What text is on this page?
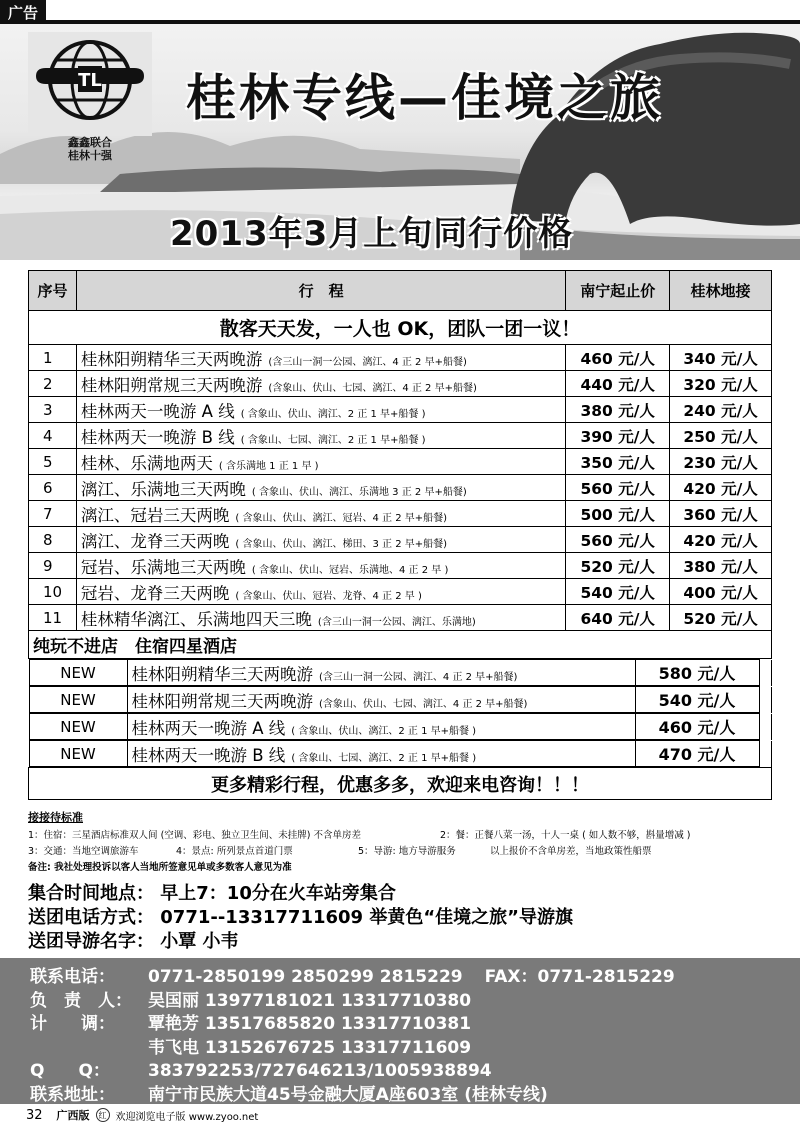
广告
TL
鑫鑫联合
桂林十强
桂林专线—佳境之旅
2013年3月上旬同行价格
序号	行　程	南宁起止价	桂林地接
散客天天发，一人也 OK，团队一团一议！
1	桂林阳朔精华三天两晚游 (含三山一洞一公园、漓江、4 正 2 早+船餐)	460 元/人	340 元/人
2	桂林阳朔常规三天两晚游 (含象山、伏山、七园、漓江、4 正 2 早+船餐)	440 元/人	320 元/人
3	桂林两天一晚游 A 线 ( 含象山、伏山、漓江、2 正 1 早+船餐 )	380 元/人	240 元/人
4	桂林两天一晚游 B 线 ( 含象山、七园、漓江、2 正 1 早+船餐 )	390 元/人	250 元/人
5	桂林、乐满地两天 ( 含乐满地 1 正 1 早 )	350 元/人	230 元/人
6	漓江、乐满地三天两晚 ( 含象山、伏山、漓江、乐满地 3 正 2 早+船餐)	560 元/人	420 元/人
7	漓江、冠岩三天两晚 ( 含象山、伏山、漓江、冠岩、4 正 2 早+船餐)	500 元/人	360 元/人
8	漓江、龙脊三天两晚 ( 含象山、伏山、漓江、梯田、3 正 2 早+船餐)	560 元/人	420 元/人
9	冠岩、乐满地三天两晚 ( 含象山、伏山、冠岩、乐满地、4 正 2 早 )	520 元/人	380 元/人
10	冠岩、龙脊三天两晚 ( 含象山、伏山、冠岩、龙脊、4 正 2 早 )	540 元/人	400 元/人
11	桂林精华漓江、乐满地四天三晚 (含三山一洞一公园、漓江、乐满地)	640 元/人	520 元/人
纯玩不进店　住宿四星酒店

NEW	桂林阳朔精华三天两晚游 (含三山一洞一公园、漓江、4 正 2 早+船餐)	580 元/人	

NEW	桂林阳朔常规三天两晚游 (含象山、伏山、七园、漓江、4 正 2 早+船餐)	540 元/人	

NEW	桂林两天一晚游 A 线 ( 含象山、伏山、漓江、2 正 1 早+船餐 )	460 元/人	

NEW	桂林两天一晚游 B 线 ( 含象山、七园、漓江、2 正 1 早+船餐 )	470 元/人	

更多精彩行程，优惠多多，欢迎来电咨询！！！
接接待标准
1：住宿：三星酒店标准双人间 (空调、彩电、独立卫生间、未挂牌) 不含单房差	2：餐：正餐八菜一汤，十人一桌 ( 如人数不够，斟量增减 )
3：交通：当地空调旅游车	4：景点: 所列景点首道门票	5：导游: 地方导游服务	以上报价不含单房差，当地政策性船票
备注: 我社处理投诉以客人当地所签意见单或多数客人意见为准
集合时间地点： 早上7：10分在火车站旁集合
送团电话方式： 0771--13317711609 举黄色“佳境之旅”导游旗
送团导游名字： 小覃 小韦
联系电话： 0771-2850199 2850299 2815229 FAX：0771-2815229
负　责　人： 吴国丽 13977181021 13317710380
计　　调： 覃艳芳 13517685820 13317710381
韦飞电 13152676725 13317711609
Q　　Q： 383792253/727646213/1005938894
联系地址： 南宁市民族大道45号金融大厦A座603室 (桂林专线)
32 广西版	红 欢迎浏览电子版 www.zyoo.net
